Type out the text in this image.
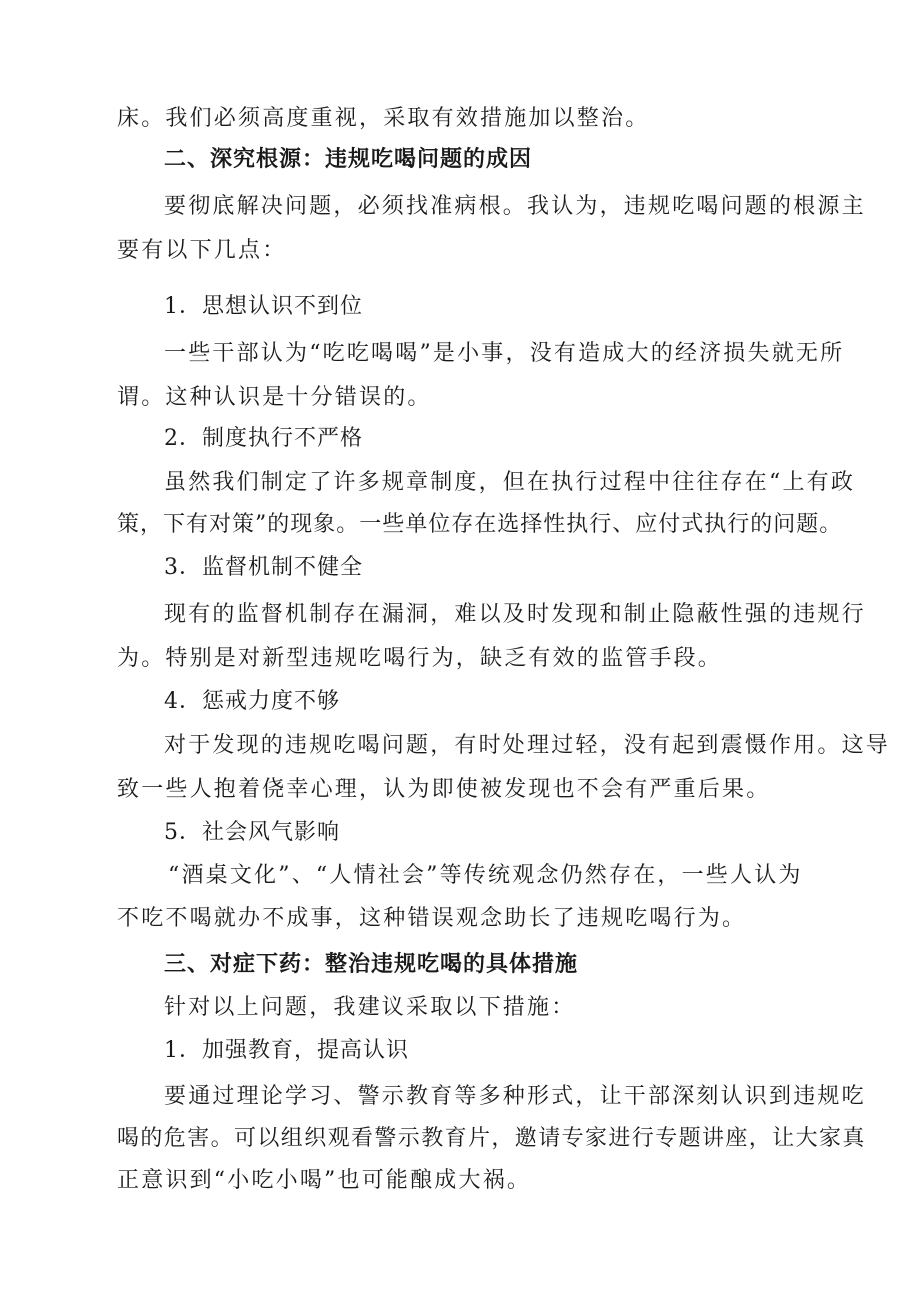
床。我们必须高度重视，采取有效措施加以整治。
二、深究根源：违规吃喝问题的成因
要彻底解决问题，必须找准病根。我认为，违规吃喝问题的根源主
要有以下几点：
1．思想认识不到位
一些干部认为“吃吃喝喝”是小事，没有造成大的经济损失就无所
谓。这种认识是十分错误的。
2．制度执行不严格
虽然我们制定了许多规章制度，但在执行过程中往往存在“上有政
策，下有对策”的现象。一些单位存在选择性执行、应付式执行的问题。
3．监督机制不健全
现有的监督机制存在漏洞，难以及时发现和制止隐蔽性强的违规行
为。特别是对新型违规吃喝行为，缺乏有效的监管手段。
4．惩戒力度不够
对于发现的违规吃喝问题，有时处理过轻，没有起到震慑作用。这导
致一些人抱着侥幸心理，认为即使被发现也不会有严重后果。
5．社会风气影响
“酒桌文化”、“人情社会”等传统观念仍然存在，一些人认为
不吃不喝就办不成事，这种错误观念助长了违规吃喝行为。
三、对症下药：整治违规吃喝的具体措施
针对以上问题，我建议采取以下措施：
1．加强教育，提高认识
要通过理论学习、警示教育等多种形式，让干部深刻认识到违规吃
喝的危害。可以组织观看警示教育片，邀请专家进行专题讲座，让大家真
正意识到“小吃小喝”也可能酿成大祸。
